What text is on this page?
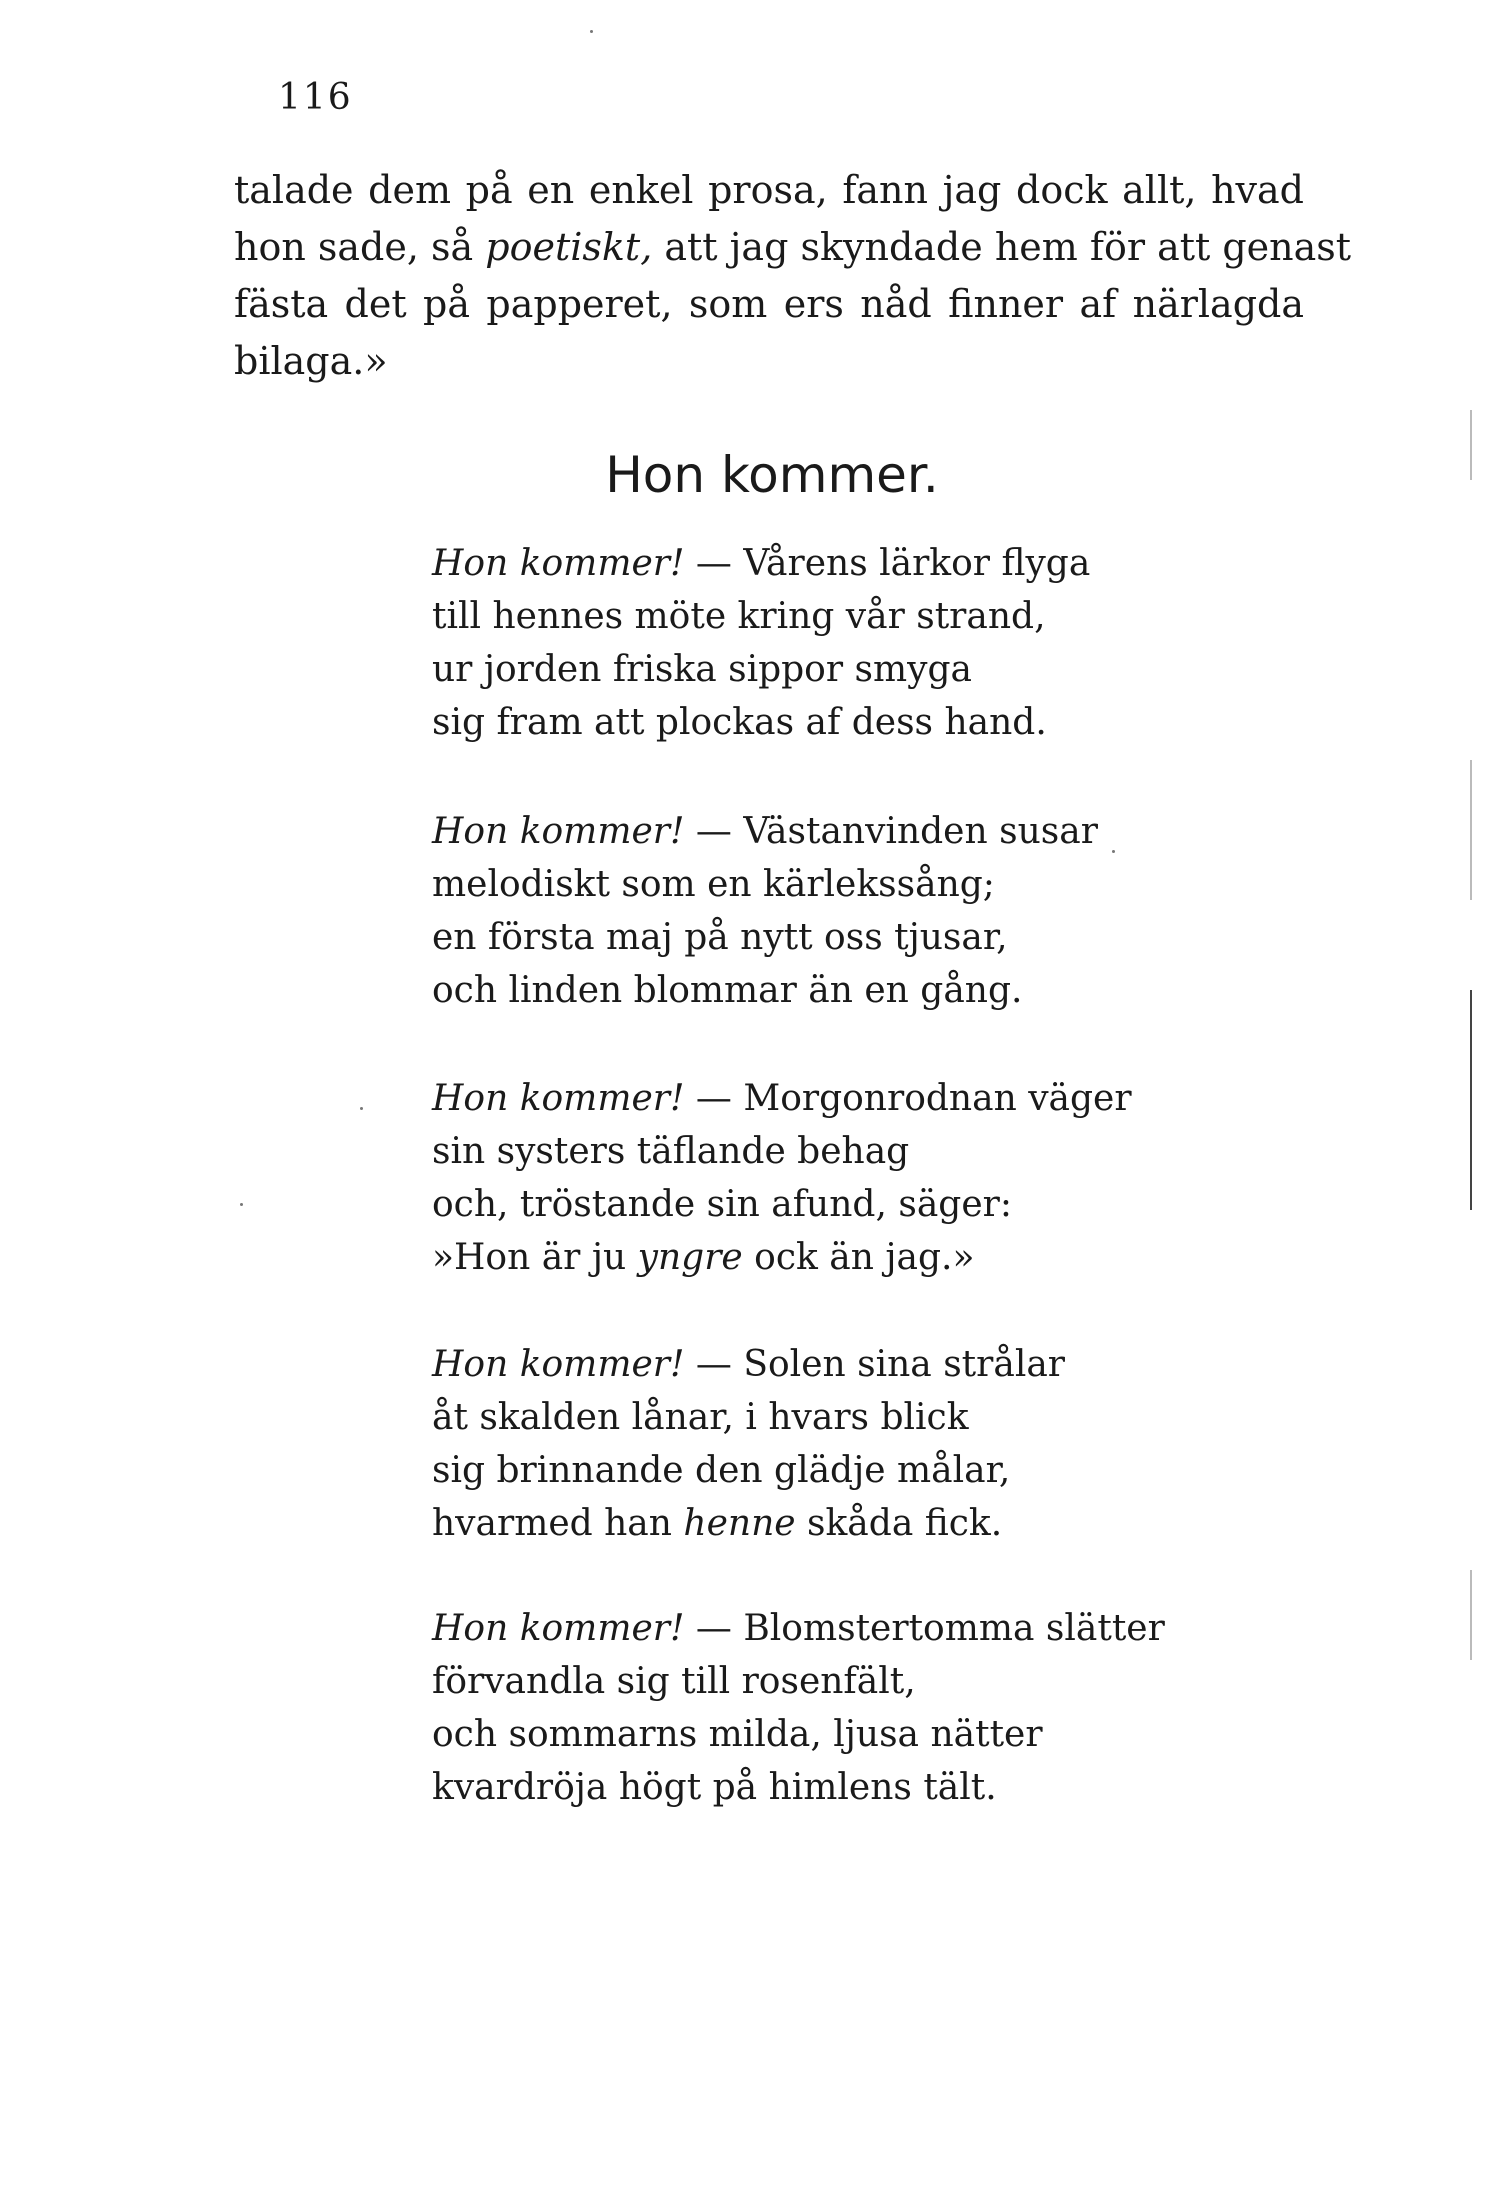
116
talade dem på en enkel prosa, fann jag dock allt, hvad
hon sade, så poetiskt, att jag skyndade hem för att genast
fästa det på papperet, som ers nåd finner af närlagda
bilaga.»
Hon kommer.
Hon kommer! — Vårens lärkor flyga
till hennes möte kring vår strand,
ur jorden friska sippor smyga
sig fram att plockas af dess hand.
Hon kommer! — Västanvinden susar
melodiskt som en kärlekssång;
en första maj på nytt oss tjusar,
och linden blommar än en gång.
Hon kommer! — Morgonrodnan väger
sin systers täflande behag
och, tröstande sin afund, säger:
»Hon är ju yngre ock än jag.»
Hon kommer! — Solen sina strålar
åt skalden lånar, i hvars blick
sig brinnande den glädje målar,
hvarmed han henne skåda fick.
Hon kommer! — Blomstertomma slätter
förvandla sig till rosenfält,
och sommarns milda, ljusa nätter
kvardröja högt på himlens tält.
